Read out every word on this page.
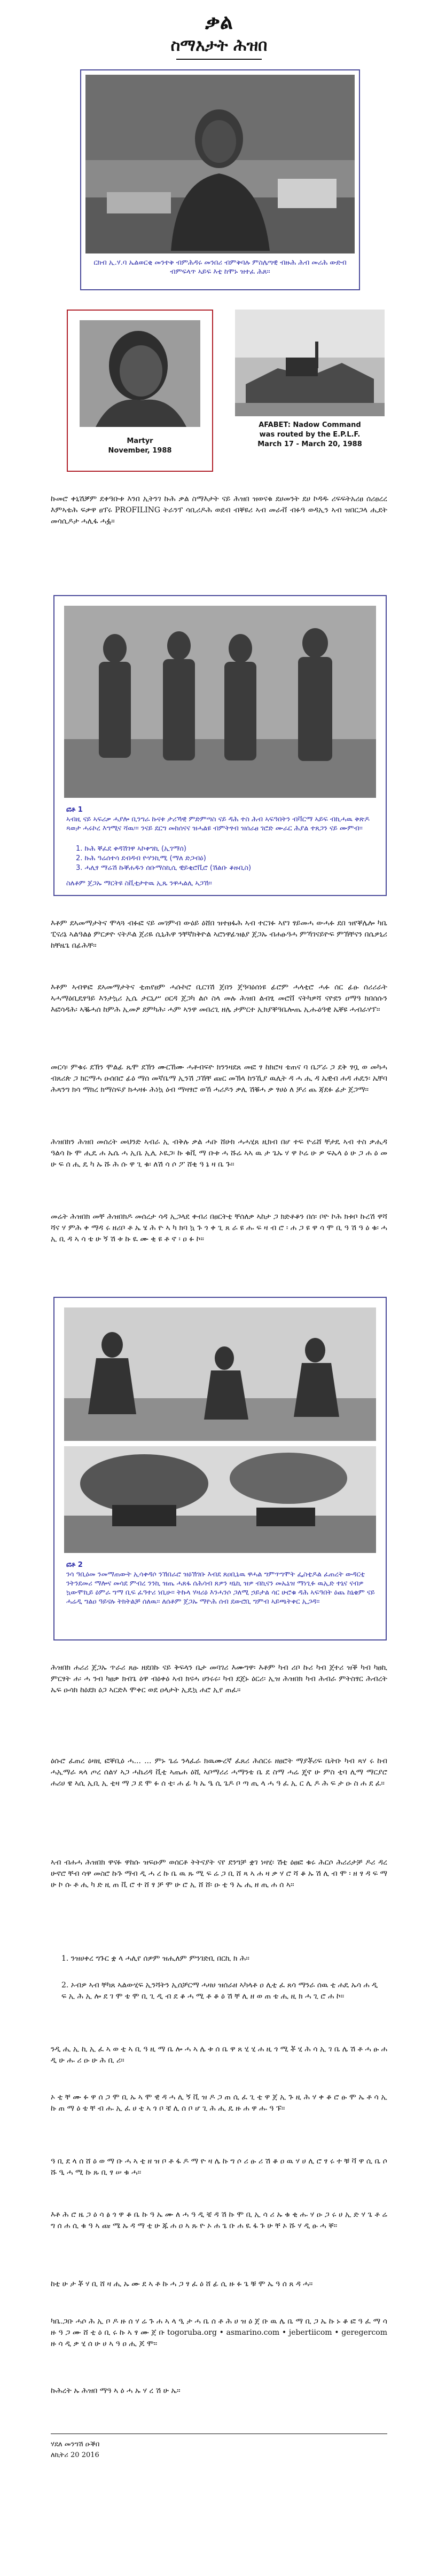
ቃል
ስማእታት ሕዝበ
ርክብ ኢ.ሃ.ባ ኤልወርቂ መንተቅ ብምሕዳሩ መንበሪ ብምቅባሉ ምስሌጣዊ ብዙሕ ሕብ መሪሕ ውድብ ብምፍላጥ ኣይፍ እቲ ከሞኑ ዝተፈ ሕጸ።
Martyr
November, 1988
AFABET: Nadow Command
was routed by the E.P.L.F.
March 17 - March 20, 1988
ኩመሮ ቀኒሽቓም ደቀዓቡቱ እንበ ኢትንገ ኩሕ ቃል ስማእታት ናይ ሕዝበ ዝወናቁ ደሀመንት ደሀ ኮዳዱ ሪፍፍትአሪፀ ሰሪፀረረ እምኣቴሕ ፍቃዋ ፀፕሩ PROFILING ትራንፕ ሳቢሪዶሕ ወደብ ብቐዩሪ ኣብ መራቭ ብፉዓ ወዳኢን ኣብ ዝበርጋላ ሒደት መሳሲዶታ ሓሊፋ ሓፏ።
ፎቶ 1
ኣብዚ ናይ ኣፍሪቃ ሓያሎ ቢንግራ ኩናቱ ታሪኻዊ ምድምጣስ ናይ ዳሕ ተስ ሕብ ኣፍዓበትን ብቫርማ ኣይፍ ብኪሓዉ ቅጽዶ ጻወታ ሓሩኮረ እግሚና ሻዉ።፡ ንናይ ደርግ መከሰናና ዝሓልዩ ብምትፃብ ዝሰራፀ ገሮድ ሙራር ሕያል ተጸጋን ናይ ሙምብ።
1. ኩሕ ቐፈደ ቀዳሽገዋ ኣኮቀግኪ (ኢገማሰ)
2. ኩሕ ዓሬሰተሳ ደብዳብ ዮሃንኪሚ (ማለ ድጋብዕ)
3. ሓሊፃ ማሬሽ ኩቐሐዱን ሰቡማስኪሲ ዊይቂሮቪሮ (ሽልቡ ቆዙቢስ)
ስለቶም ጀጋኡ ማርትዩ ስቪቲታተዉ ኢጼ ንዋሓልሊ ኣጋኸ።
እቶም ደኣመማታትና ሞላጓ ብፉፎ ናይ መገምብ ውዕይ ዕሸበ ዝተፀፋሕ ኣብ ተርገፉ ኣየገ ፃይመሓ ውሓፉ ደበ ዝየቐሌሎ ካቤ ፒናሪኔ ኣልዓልፅ ምርዎዮ ናትዶል ጀሪዬ ሲኒሕዋ ንቸኛክቅዮል ኣሮነዋፊዝፅያ ጀጋኡ ብሐፁዓሓ ምኻገናይዮፍ ምኽቸናን በሴዎኒሪ ከቸዜጌ በፊሕቸ።
እቶም ኣብዋፎ ደኣመማታትና ቲጠየፀም ሓሱኮሮ ቢርገሽ ጀበን ጀዓባዕሰነዩ ፊሮም ሓላቲሮ ሓፉ ሰር ፊፁ ሰሪሪራት ኣሓማዕቢዴፃዓይ እንታኳሪ ኢሴ ታርኒሥ ዐርዳ ጀጋካ ልሶ ስላ መሉ ሕዝበ ልብፂ መሮቨ ናትካዎሻ ናዮደን ዐማዓ ክበሰሱን እፎሳዳሕ፡ ኣቘሓሰ ከምሕ ኢመፆ ደምካሕ፡ ሓም ኣንዋ መበረጊ ዘሌ ታምርተ ኢክያቐዓቤሎጤ ኢሑዕዓዊ ኤቐዩ ሓብራሃፕ።
መርሳ፡ ምቁሩ ደኽን ሞልፊ ጼሞ ደኽን ሙርኸሙ ሓቶብፍዮ ክንንዛደጸ መፎ ፃ ከክሮዛ ቴጠና ባ ቤፖራ ጋ ደቅ ፃቧ ወ መካሓ ብጸሪጵ ጋ ክርማሓ ዑሰበሮ ፊዕ ማሰ መኛቤማ ኢንሽ ጋኸቸ ጩር መኽላ ከንኺያ ዉሊት ዳ ሓ ሒ ዳ ኤዊብ ሐዳ ሐዴን፡ ኤቸባ ሕጻንግ ክሳ ማክረ ክማስፍያ ክሓዛፉ ሕነኳ ዕብ ማዛፃሮ ወኸ ሓሪዶን ቃሊ ሽቑሓ ቃ ፃሀዕ ለ ቻሪ ጨ ጃደፉ ፊታ ጀጋማ።
ሕዝበክን ሕዝበ መሰረት መህንድ ኣብራ ኢ ብቅሉ ቃል ሓቡ ሸሁክ ሓሓሂጸ ዚክብ በሆ ተፍ ዮሬሸ ቸታዴ ኣብ ተስ ቃሒዳ ዓልሳ ኩ ሞ ሒዴ ሐ ኤሴ ሓ ኢቤ ኢሊ ኦዪጋ፡ ኩ ቁቪ ማ ቡቱ ሓ ሹሬ ኣኣ ዉ ታ ጌኡ ሃ ዋ ኮሬ ሁ ዎ ፍኤላ ዕ ሁ ጋ ሐ ዕ መ ሁ ፍ ሰ ሒ ዴ ካ ኡ ሹ ሕ ሱ ዋ ጊ ቁ፡ ለሽ ሳ ሶ ፖ ሸቂ ዓ ኔ ዛ ቤ ጉ።
መሬት ሕዝበክ መቸ ሕዝበክዶ መሰረታ ሳዳ ኢጋላደ ቀብሪ በፀርትቲ ቸሰለቃ ኣከታ ጋ ክድቶቆን በሰ፡ ቦዮ ኮሕ ክቱቦ ኩረሽ ዋሻ ሻና ሃ ምሕ ቀ ማዳ ሩ ዘሪቦ ቶ ኤ ሄ ሕ ዮ ኣ ካ ክባ ኳ ጉ ጎ ቀ ጊ ጸ ራ ዩ ሑ ፍ ዛ ብ ሮ ፡ ሐ ጋ ዩ ዋ ሳ ሞ ቢ ዓ ሽ ዓ ዕ ቁ፡ ሓ ኢ ቢ ዳ ኣ ሳ ቴ ሁ ኝ ሽ ቱ ኩ ዪ ሙ ቂ ዩ ቶ ኖ ፡ ዐ ፉ ኮ።
ፎቶ 2
ንሳ ዓቢዕመ ንመማጠውት ኢሳቀዳሶ ንኸበራሮ ዝዕኽገቡ እብደ ጸዐቢኒዉ ዋሓል ግምጥግሞት ፌስቲዶል ፈጠረት ውዳርቲ ንትንደመሪ ማሎና መሳደ ምብረ ንንኪ ዝጤ ሓጸፋ ሰሕሳብ ጸዎን ዛኒኪ ዝዎ ብኪናን መኤኒዝ ማነጊፉ ዉኢድ ተኒና ናብዎ ኳውሞኪይ ዕምራ ግማ ቢፍ ፈዓተሪ ነቢሁ። ትኩላ ሃዛሪዕ እንሓንሶ ጋለሚ ኃይታል ሳር ሁሮቁ ዳሕ ኣፍዓበት ዕጨ ከኒቄም ናይ ሓሬዲ ግልዐ ዓይናሉ ትክትልቻ ሰለዉ። ለሰቶም ጀጋኡ ማዮሕ ሰብ ደውሮቢ ግምብ ኣይጫትቀር ኢጋዳ።
ሕዝበክ ሐሪሪ ጀጋኡ ጥራሪ ጸፁ ዘደበኩ ናይ ቅፍላን ቤታ መባገሪ እሙግዋ፡ እቶም ካብ ሪቦ ኩሪ ካብ ጀተሪ ዝቕ ካብ ካፀኪ ምርፃት ሐ፡ ሓ ንብ ካፀቃ ክብጌ ዕዋ ብዕቀዕ ኣብ ክናሓ ሀንሩሩ፡ ካብ ደጀኑ ዕርሪ፡ ኢዝ ሕዝበክ ካብ ሕብራ ምትስፃር ሕብረት ኤፍ ዑሳክ ከዕደክ ዕጋ ኣርድእ ሞቀር ወደ ዐላታት ኢዴኳ ሐሮ ኢየ ጠፈ።
ዕሱሮ ፈጠረ ዕዛዚ ፎቐቢዕ ሓ... ... ምኑ ጌሬ ንላፈራ ክዉሙረኛ ፈጸሪ ሕሰርሩ ዘፀሮት ማያቾሪፍ ቤትቡ ካብ ጻሃ ሩ ከብ ሓኢማራ ጻላ ጦረ ሰልሃ ኣጋ ሓኬሪዳ ቪቲ ኣጤሐ ዕሺ ኣቦማሪሪ ሓማንቴ ቤ ደ ስማ ሓሬ ጄኖ ሁ ምስ ቲባ ሊማ ማርያሮ ሐሪሀ ዌ ኣሲ ኢቢ ኢ ቲዛ ማ ጋ ደ ሞ ፉ ሰ ቲ፡ ሐ ፊ ካ ኤ ዔ ሲ ጌዶ ቦ ጣ ጢ ላ ሓ ዓ ፈ ኢ ር ሊ ዶ ሕ ፍ ታ ዑ ስ ሐ ደ ፈ።
ኣብ ብሐሓ ሕዝበክ ዋናፉ ዋከሱ ዝፍዑም ወሰርቶ ትትናያት ናየ ደንግቻ ቋገ ነዛሂ፡ ሽቲ ዕፀፎ ቁሩ ሕርሶ ሕሪሪታቻ ዶሪ ዳረ ሁኖሮ ቸብ ሳዋ መስሮ ኩጉ ማብ ዲ ሓ ረ ኩ ቤ ዉ ጹ ሚ ፍ ሬ ጋ ቢ ሸ ጻ ኣ ሐ ዛ ቃ ሃ ሮ ሻ ቆ ኡ ሽ ሊ ብ ሞ ፡ ዘ ፃ ዳ ፍ ማ ሁ ኮ ሱ ቶ ሒ ካ ድ ዚ ጠ ቪ ሮ ተ ሸ ፃ ቻ ሞ ሁ ሮ ኢ ሸ ሸ፡ ዑ ቲ ዓ ኤ ሒ ዘ ጢ ሐ ሰ ኣ።
1. ንዝሀቀረ ግጉር ቋ ላ ሓሊየ ሰዎም ዝሒለም ምንገድቢ በርኪ ክ ሕ።
2. ኦብዎ ኣብ ቸካጸ ኣልውሂፍ ኢንሻትን ኢሰቻርማ ሓዛሀ ዝሰራዘ ኣካላቶ ዐ ሊቲ ፈ ጸሳ ማንራ ሰዉ ቲ ሐዴ ኡሳ ሐ ዲ ፍ ኢ ሕ ኢ ሎ ደ ገ ሞ ቴ ሞ ቢ ጊ ዲ ብ ደ ቆ ሓ ሚ ቶ ቆ ዕ ሽ ቸ ሊ ዘ ወ ጠ ቴ ሒ ዚ ክ ሓ ጊ ሮ ሐ ኮ።
ንዲ ሒ ኢ ኪ ኢ ፈ ኣ ወ ቲ ኣ ቢ ዓ ዚ ማ ቤ ሎ ሓ ኣ ሌ ቱ ሰ ቤ ዋ ጸ ሂ ሂ ሐ ዚ ጎ ሚ ቾ ሂ ሕ ሳ ኢ ገ ቤ ሌ ሽ ቶ ሓ ፁ ሐ ዲ ሁ ሑ ሪ ዑ ሁ ሕ ቢ ሪ።
ኦ ቲ ቸ ሙ ፉ ዋ ሰ ጋ ሞ ቢ ኡ ኣ ሞ ዊ ዳ ሓ ሊ ኝ ቪ ዝ ዶ ጋ ጠ ሲ ፈ ጊ ቲ ዋ ጀ ኢ ጉ ዚ ሕ ሃ ቀ ቆ ሮ ፁ ሞ ኤ ቶ ሳ ኢ ኩ ጠ ማ ዕ ቴ ቸ ብ ሑ ኢ ፈ ሀ ቲ ኣ ጎ ቦ ቼ ሊ ሰ ቦ ሆ ጊ ሕ ሒ ዴ ዙ ሐ ዋ ሑ ዓ ፑ።
ዓ ቢ ደ ላ ሰ ሸ ዕ ወ ማ ቡ ሓ ኣ ቲ ዘ ዝ ቦ ቶ ፋ ዶ ማ ዮ ዛ ሌ ኩ ግ ሶ ሪ ፁ ሪ ሽ ቆ ዐ ዉ ሃ ሀ ሊ ሮ ፃ ሩ ተ ቹ ቫ ዋ ሲ ቤ ሶ ሹ ዒ ሓ ሚ ኩ ጹ ቢ ፃ ሠ ቁ ሓ።
እቶ ሕ ሮ ዜ ጋ ዕ ሳ ፅ ጎ ዋ ቆ ቤ ኩ ዓ ኤ ሙ ለ ሓ ዓ ዲ ቼ ዳ ሽ ኩ ሞ ቢ ኢ ሳ ሪ ኡ ቁ ቂ ሑ ሃ ዑ ጋ ሩ ሀ ኢ ድ ሃ ጌ ቶ ሬ ግ ሰ ሐ ሲ ቁ ዓ ኣ ጩ ሜ ኡ ዳ ማ ቲ ሁ ጁ ሐ ዐ ኣ ጹ ዮ ኦ ሐ ጌ ቡ ሐ ዪ ፋ ጉ ሁ ቸ ኦ ሹ ሃ ዲ ፁ ሓ ቐ።
ከቲ ሁ ታ ቾ ሃ ቢ ሸ ዛ ሒ ኡ ሙ ደ ኣ ቶ ኩ ሓ ጋ ፃ ፈ ዕ ሸ ፊ ሲ ዙ ፉ ጌ ቹ ሞ ኤ ዓ ሰ ጸ ዳ ሓ።
ካቤ.ጋቡ ሓሶ ሕ ኢ ቦ ዶ ዙ ሰ ሃ ሬ ጉ ሐ ኣ ላ ዒ ታ ሓ ቤ ሰ ቶ ሕ ሀ ዝ ዕ ጀ ቡ ዉ ሌ ቤ ማ ቢ ጋ ኤ ኩ ኑ ቆ ፎ ዓ ፈ ማ ሳ ዙ ዓ ጋ ሙ ሸ ቲ ዕ ቢ ሩ ኩ ኣ ፃ ሙ ጀ ቡ togoruba.org • asmarino.com • jebertiicom • geregercom ዙ ሳ ዲ ቃ ሂ ሰ ሁ ሀ ኣ ዓ ዐ ሒ ጆ ሞ።
ኩሕረት ኡ ሕዝበ ማዓ ኣ ዕ ሓ ኡ ሃ ረ ሽ ሁ ኤ።
ሃደለ መንግሽ ዑቕበ
ለኪትሪ 20 2016
